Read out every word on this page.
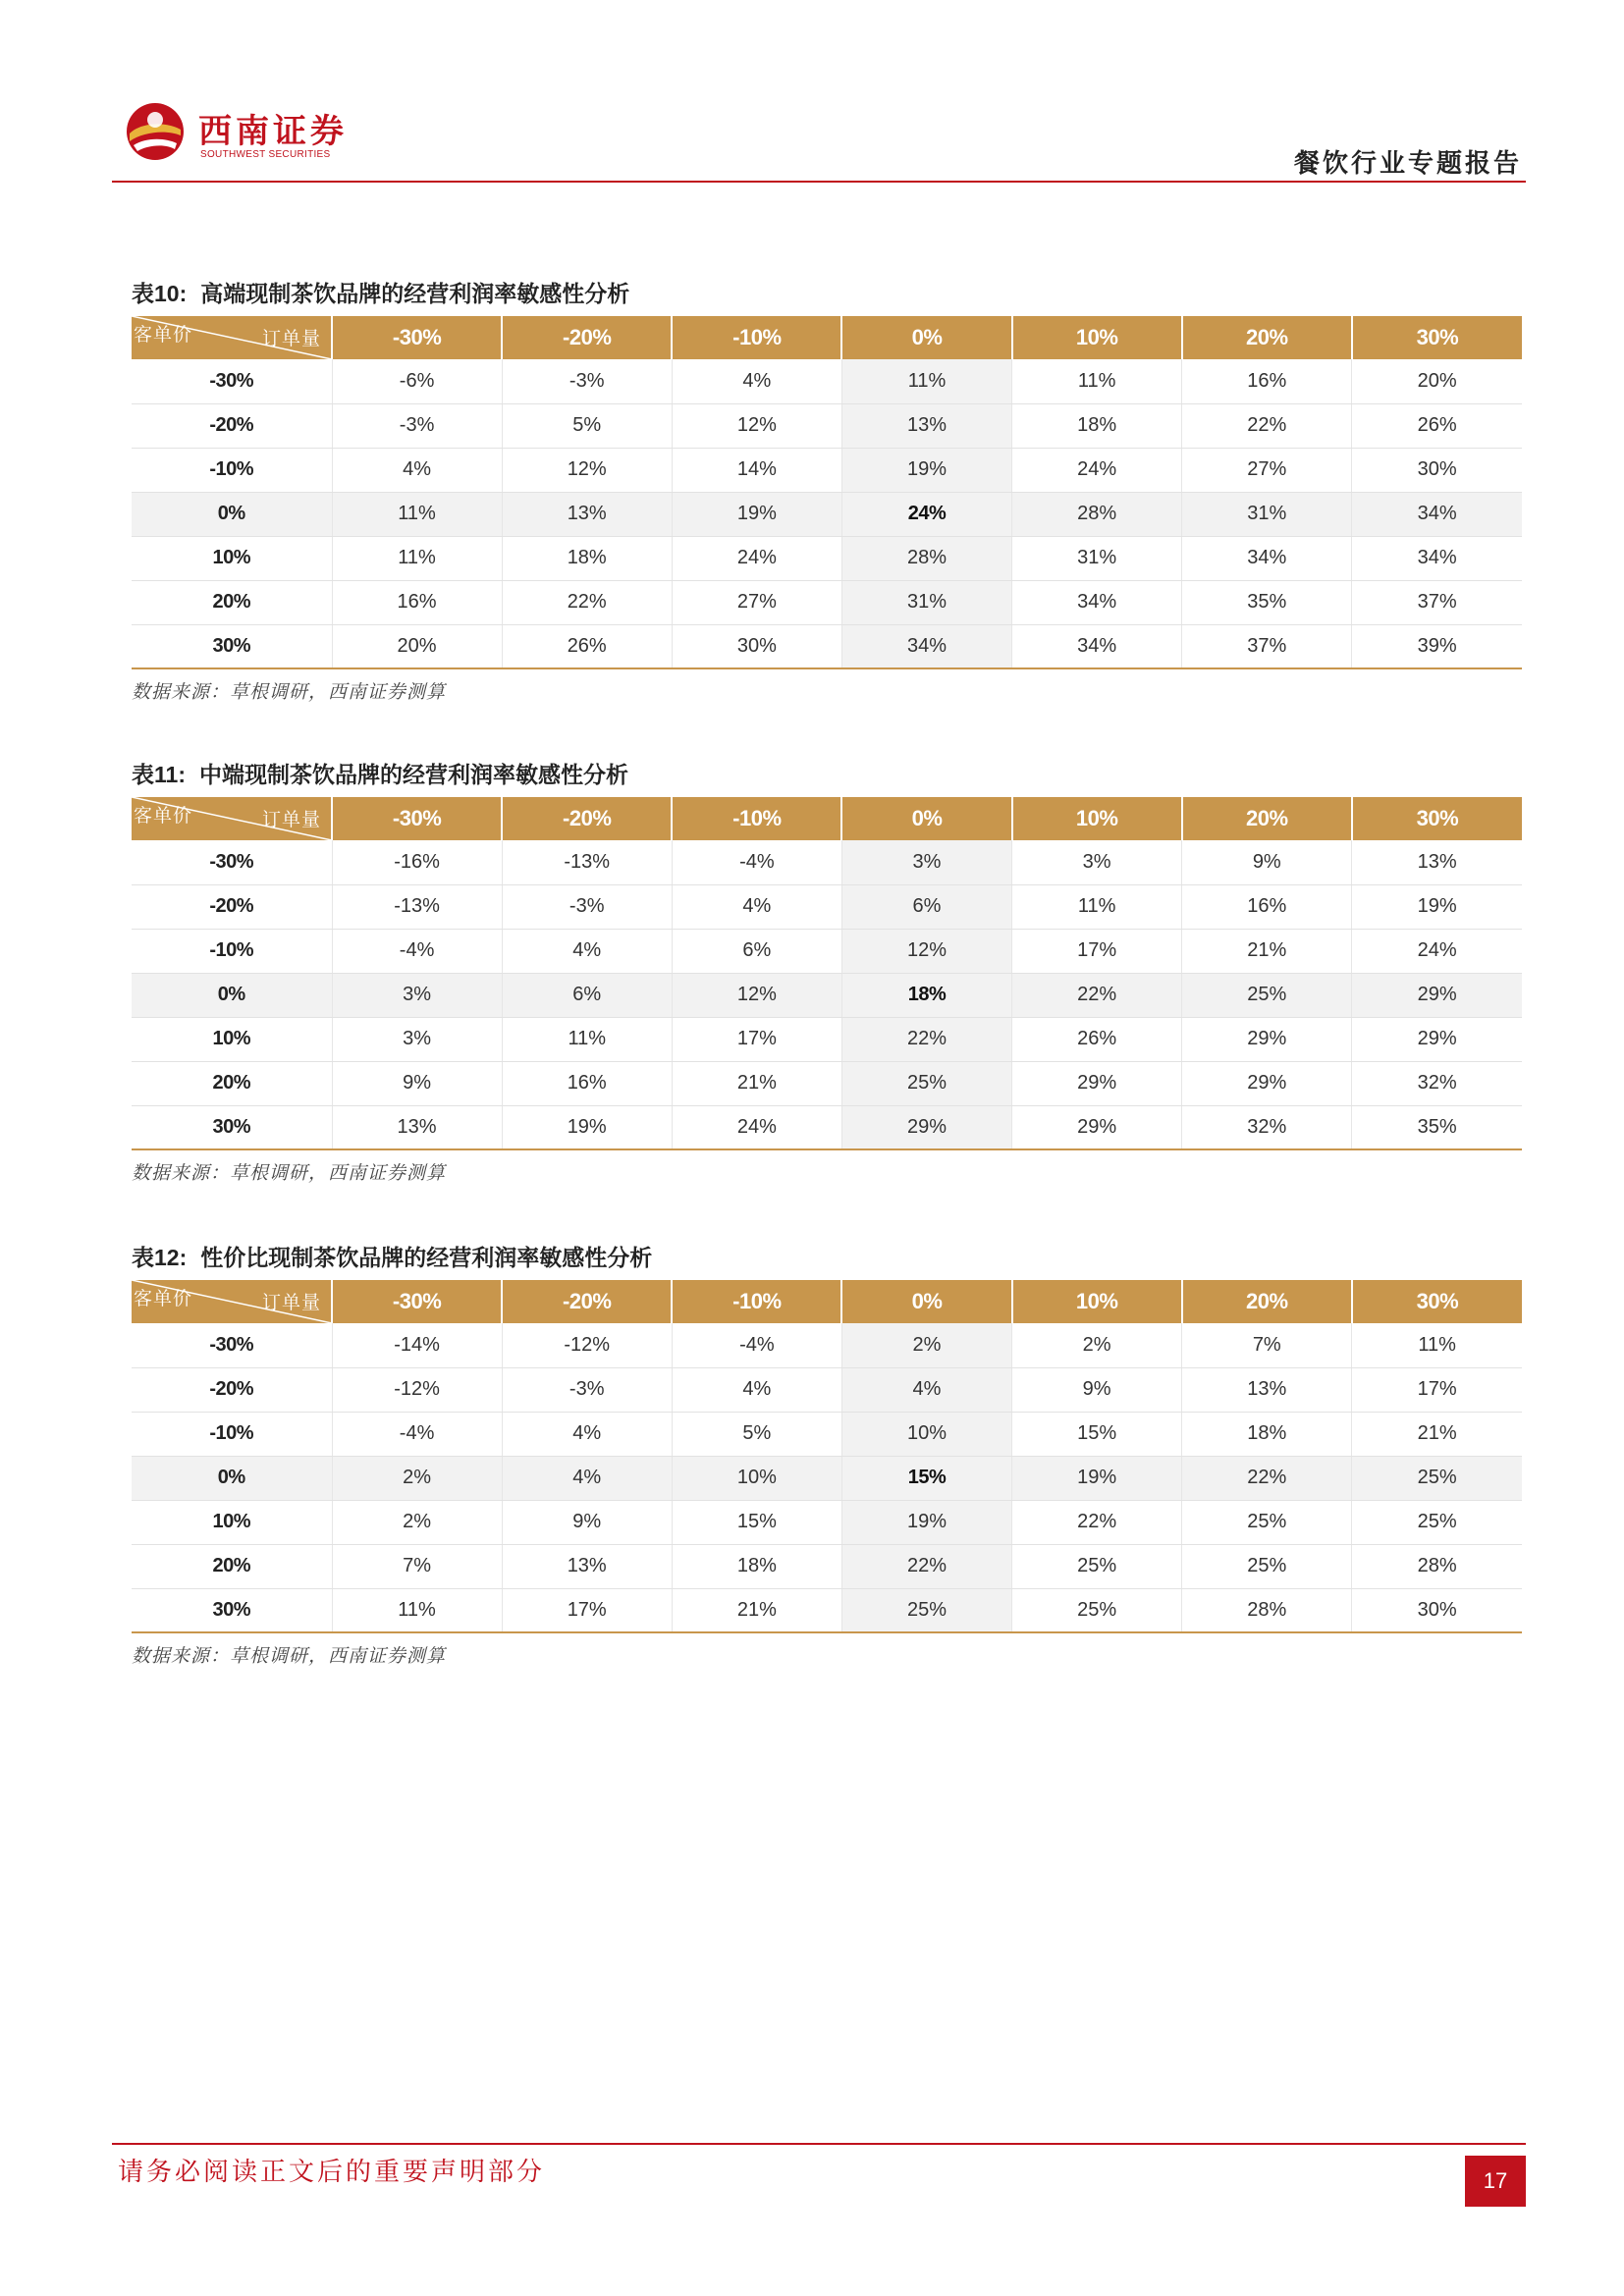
西南证券
SOUTHWEST SECURITIES	餐饮行业专题报告
表10: 高端现制茶饮品牌的经营利润率敏感性分析
客单价 订单量	-30%	-20%	-10%	0%	10%	20%	30%
-30%	-6%	-3%	4%	11%	11%	16%	20%
-20%	-3%	5%	12%	13%	18%	22%	26%
-10%	4%	12%	14%	19%	24%	27%	30%
0%	11%	13%	19%	24%	28%	31%	34%
10%	11%	18%	24%	28%	31%	34%	34%
20%	16%	22%	27%	31%	34%	35%	37%
30%	20%	26%	30%	34%	34%	37%	39%
数据来源：草根调研，西南证券测算
表11: 中端现制茶饮品牌的经营利润率敏感性分析
客单价 订单量	-30%	-20%	-10%	0%	10%	20%	30%
-30%	-16%	-13%	-4%	3%	3%	9%	13%
-20%	-13%	-3%	4%	6%	11%	16%	19%
-10%	-4%	4%	6%	12%	17%	21%	24%
0%	3%	6%	12%	18%	22%	25%	29%
10%	3%	11%	17%	22%	26%	29%	29%
20%	9%	16%	21%	25%	29%	29%	32%
30%	13%	19%	24%	29%	29%	32%	35%
数据来源：草根调研，西南证券测算
表12: 性价比现制茶饮品牌的经营利润率敏感性分析
客单价 订单量	-30%	-20%	-10%	0%	10%	20%	30%
-30%	-14%	-12%	-4%	2%	2%	7%	11%
-20%	-12%	-3%	4%	4%	9%	13%	17%
-10%	-4%	4%	5%	10%	15%	18%	21%
0%	2%	4%	10%	15%	19%	22%	25%
10%	2%	9%	15%	19%	22%	25%	25%
20%	7%	13%	18%	22%	25%	25%	28%
30%	11%	17%	21%	25%	25%	28%	30%
数据来源：草根调研，西南证券测算
请务必阅读正文后的重要声明部分	17
